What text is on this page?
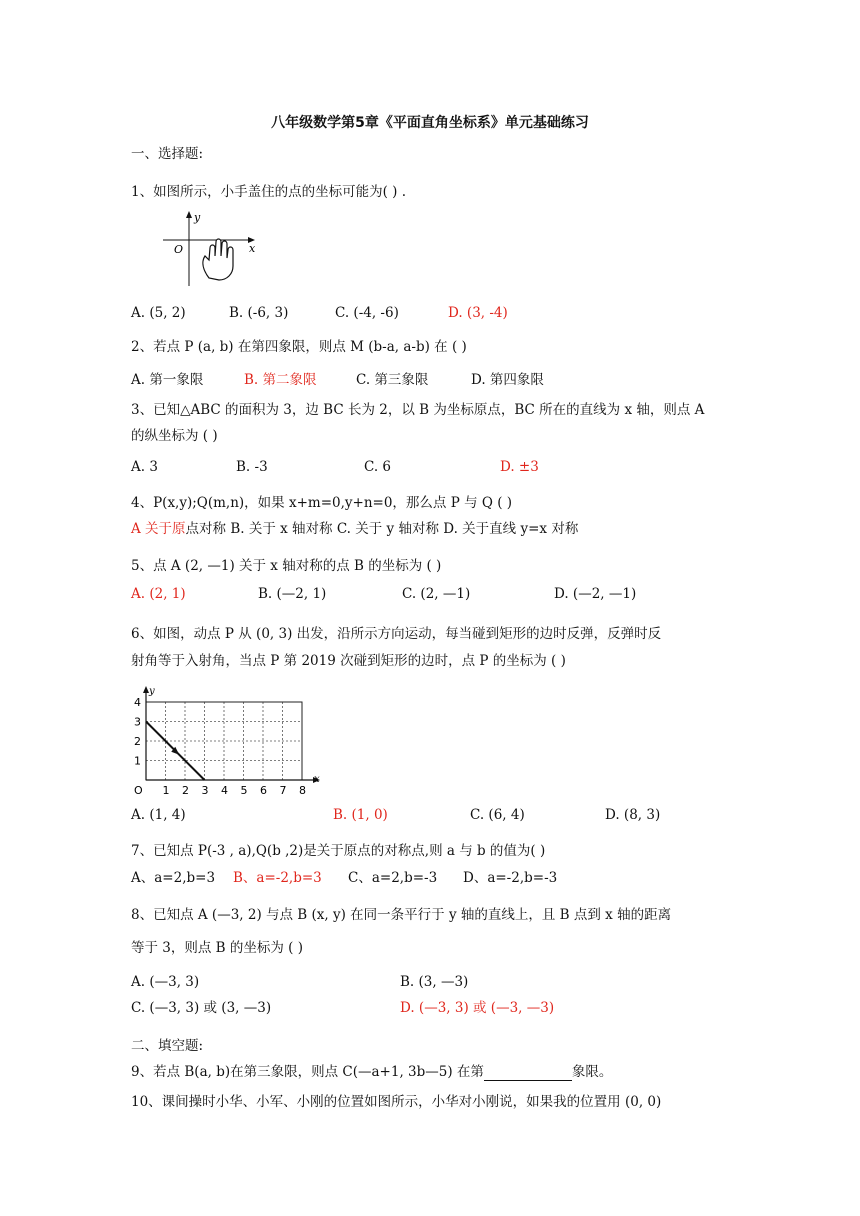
八年级数学第5章《平面直角坐标系》单元基础练习
一、选择题:
1、如图所示，小手盖住的点的坐标可能为( ) .
y
x
O
A. (5, 2)	B. (-6, 3)	C. (-4, -6)	D. (3, -4)
2、若点 P (a, b) 在第四象限，则点 M (b-a, a-b) 在 ( )
A. 第一象限	B. 第二象限	C. 第三象限	D. 第四象限
3、已知△ABC 的面积为 3，边 BC 长为 2，以 B 为坐标原点，BC 所在的直线为 x 轴，则点 A
的纵坐标为 ( )
A. 3	B. -3	C. 6	D. ±3
4、P(x,y);Q(m,n)，如果 x+m=0,y+n=0，那么点 P 与 Q ( )
A 关于原点对称 B. 关于 x 轴对称 C. 关于 y 轴对称 D. 关于直线 y=x 对称
5、点 A (2, —1) 关于 x 轴对称的点 B 的坐标为 ( )
A. (2, 1)	B. (—2, 1)	C. (2, —1)	D. (—2, —1)
6、如图，动点 P 从 (0, 3) 出发，沿所示方向运动，每当碰到矩形的边时反弹，反弹时反
射角等于入射角，当点 P 第 2019 次碰到矩形的边时，点 P 的坐标为 ( )
O 1 2 3 4 5 6 7 8
1
2
3
4
y
x
A. (1, 4)	B. (1, 0)	C. (6, 4)	D. (8, 3)
7、已知点 P(-3 , a),Q(b ,2)是关于原点的对称点,则 a 与 b 的值为( )
A、a=2,b=3 B、a=-2,b=3 C、a=2,b=-3 D、a=-2,b=-3
8、已知点 A (—3, 2) 与点 B (x, y) 在同一条平行于 y 轴的直线上，且 B 点到 x 轴的距离
等于 3，则点 B 的坐标为 ( )
A. (—3, 3)	B. (3, —3)
C. (—3, 3) 或 (3, —3)	D. (—3, 3) 或 (—3, —3)
二、填空题:
9、若点 B(a, b)在第三象限，则点 C(—a+1, 3b—5) 在第	象限。
10、课间操时小华、小军、小刚的位置如图所示，小华对小刚说，如果我的位置用 (0, 0)
